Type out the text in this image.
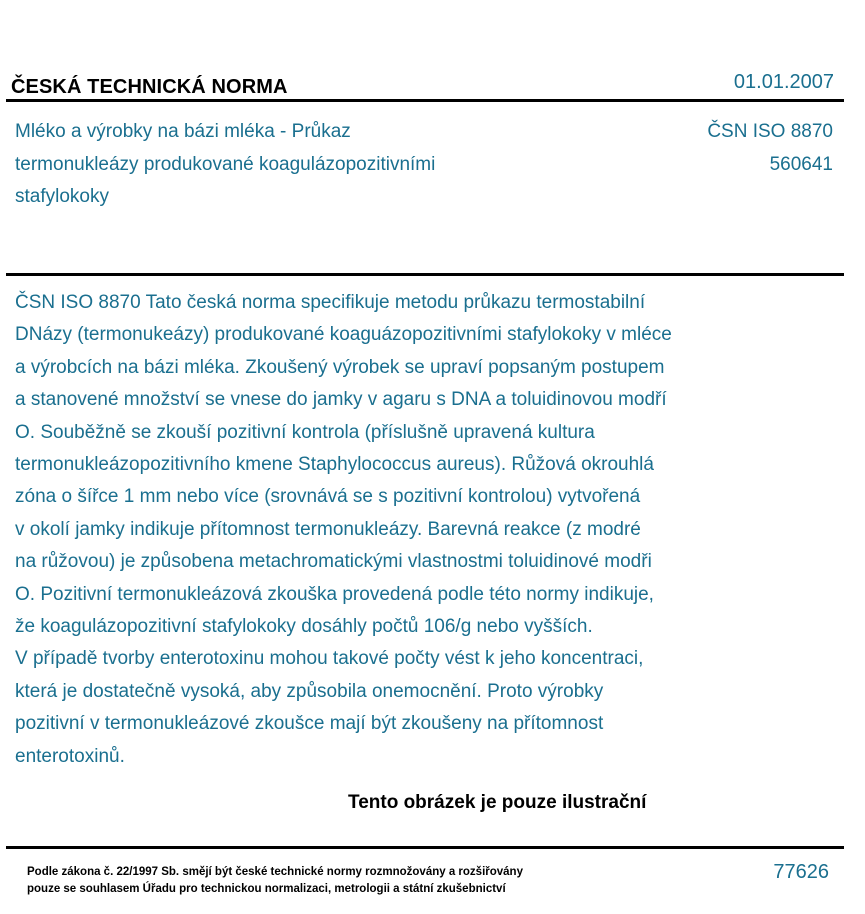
ČESKÁ TECHNICKÁ NORMA	01.01.2007
Mléko a výrobky na bázi mléka - Průkaz
termonukleázy produkované koagulázopozitivními
stafylokoky
ČSN ISO 8870
560641
ČSN ISO 8870 Tato česká norma specifikuje metodu průkazu termostabilní
DNázy (termonukeázy) produkované koaguázopozitivními stafylokoky v mléce
a výrobcích na bázi mléka. Zkoušený výrobek se upraví popsaným postupem
a stanovené množství se vnese do jamky v agaru s DNA a toluidinovou modří
O. Souběžně se zkouší pozitivní kontrola (příslušně upravená kultura
termonukleázopozitivního kmene Staphylococcus aureus). Růžová okrouhlá
zóna o šířce 1 mm nebo více (srovnává se s pozitivní kontrolou) vytvořená
v okolí jamky indikuje přítomnost termonukleázy. Barevná reakce (z modré
na růžovou) je způsobena metachromatickými vlastnostmi toluidinové modři
O. Pozitivní termonukleázová zkouška provedená podle této normy indikuje,
že koagulázopozitivní stafylokoky dosáhly počtů 106/g nebo vyšších.
V případě tvorby enterotoxinu mohou takové počty vést k jeho koncentraci,
která je dostatečně vysoká, aby způsobila onemocnění. Proto výrobky
pozitivní v termonukleázové zkoušce mají být zkoušeny na přítomnost
enterotoxinů.
Tento obrázek je pouze ilustrační
Podle zákona č. 22/1997 Sb. smějí být české technické normy rozmnožovány a rozšiřovány
pouze se souhlasem Úřadu pro technickou normalizaci, metrologii a státní zkušebnictví
77626
